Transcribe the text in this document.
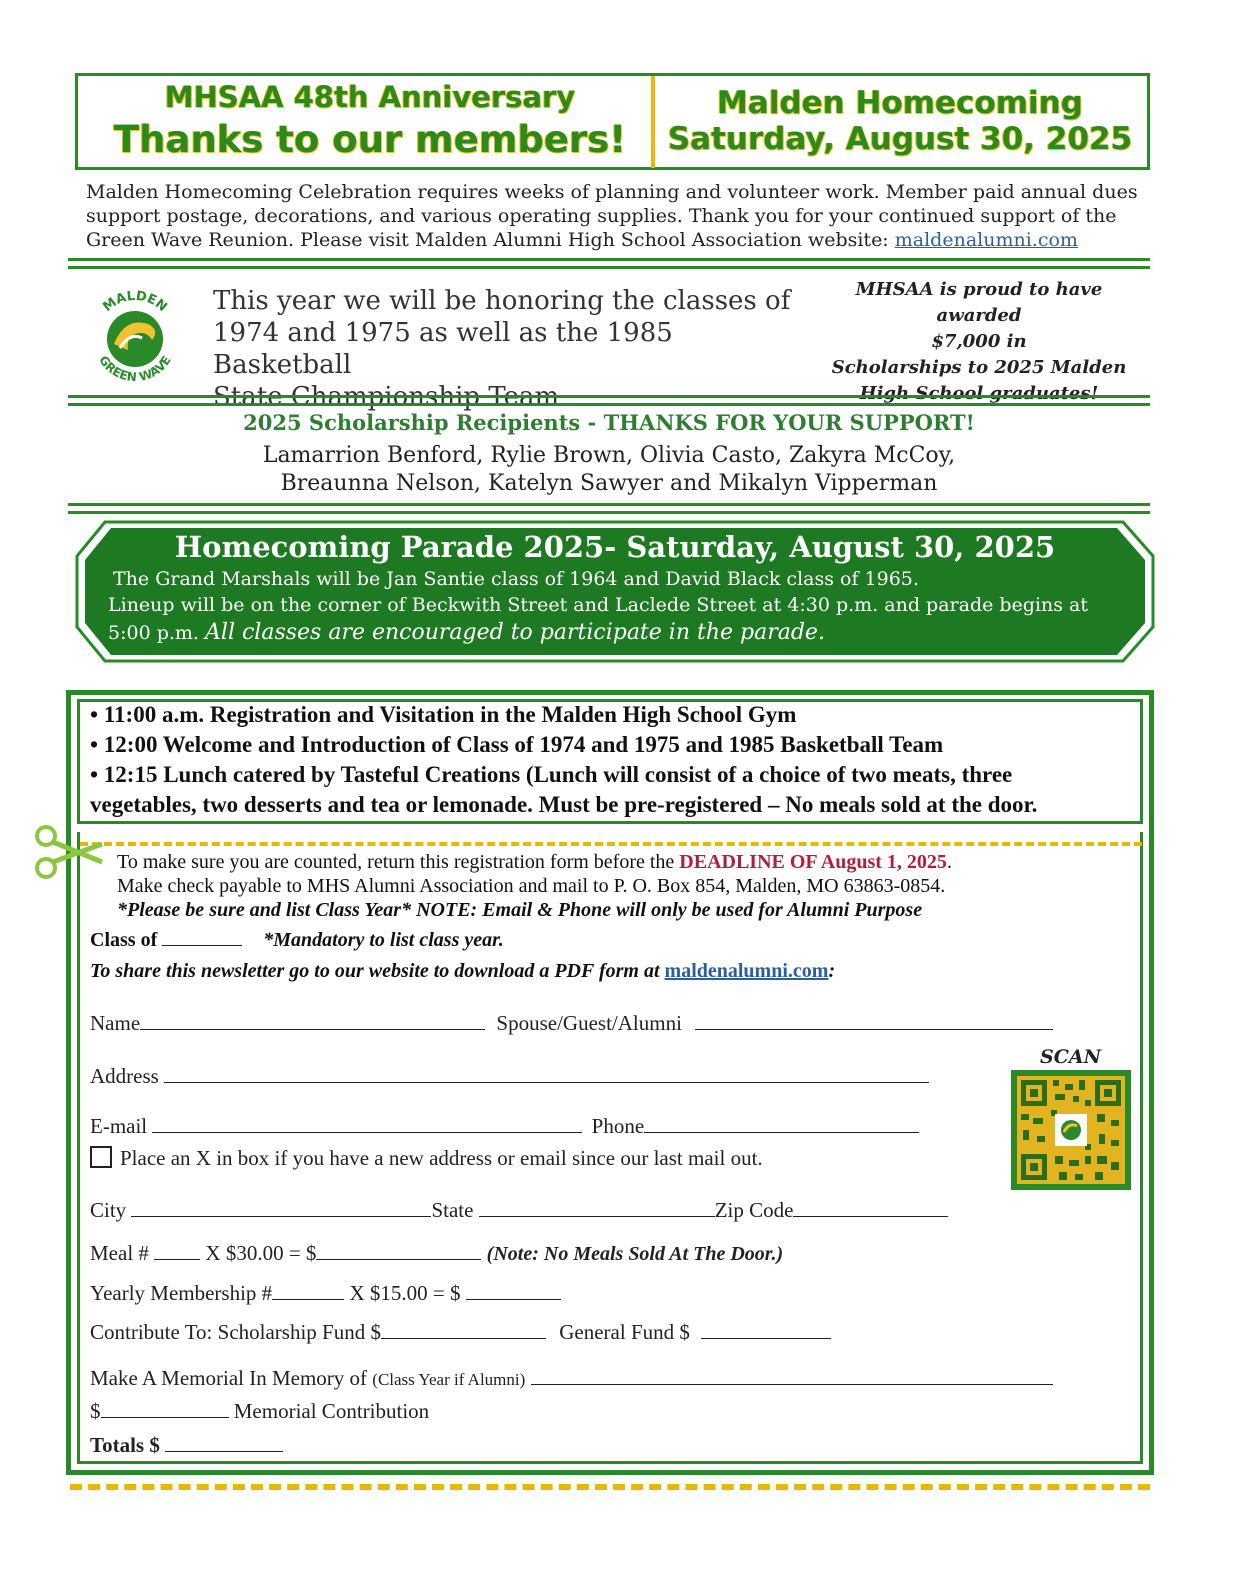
MHSAA 48th Anniversary
Thanks to our members!
Malden Homecoming
Saturday, August 30, 2025
Malden Homecoming Celebration requires weeks of planning and volunteer work. Member paid annual dues support postage, decorations, and various operating supplies. Thank you for your continued support of the Green Wave Reunion. Please visit Malden Alumni High School Association website: maldenalumni.com
MALDEN
GREEN WAVE
This year we will be honoring the classes of
1974 and 1975 as well as the 1985 Basketball
State Championship Team
MHSAA is proud to have awarded
$7,000 in
Scholarships to 2025 Malden
High School graduates!
2025 Scholarship Recipients - THANKS FOR YOUR SUPPORT!
Lamarrion Benford, Rylie Brown, Olivia Casto, Zakyra McCoy,
Breaunna Nelson, Katelyn Sawyer and Mikalyn Vipperman
Homecoming Parade 2025- Saturday, August 30, 2025
The Grand Marshals will be Jan Santie class of 1964 and David Black class of 1965.
Lineup will be on the corner of Beckwith Street and Laclede Street at 4:30 p.m. and parade begins at
5:00 p.m. All classes are encouraged to participate in the parade.
• 11:00 a.m. Registration and Visitation in the Malden High School Gym
• 12:00 Welcome and Introduction of Class of 1974 and 1975 and 1985 Basketball Team
• 12:15 Lunch catered by Tasteful Creations (Lunch will consist of a choice of two meats, three
vegetables, two desserts and tea or lemonade. Must be pre-registered – No meals sold at the door.
To make sure you are counted, return this registration form before the DEADLINE OF August 1, 2025.
Make check payable to MHS Alumni Association and mail to P. O. Box 854, Malden, MO 63863-0854.
*Please be sure and list Class Year* NOTE: Email & Phone will only be used for Alumni Purpose
Class of	*Mandatory to list class year.
To share this newsletter go to our website to download a PDF form at maldenalumni.com:
Name	Spouse/Guest/Alumni
Address
E-mail	Phone
Place an X in box if you have a new address or email since our last mail out.
City	State	Zip Code
Meal #	X $30.00 = $	(Note: No Meals Sold At The Door.)
Yearly Membership #	X $15.00 = $
Contribute To: Scholarship Fund $	General Fund $
Make A Memorial In Memory of (Class Year if Alumni)
$	Memorial Contribution
Totals $
SCAN
